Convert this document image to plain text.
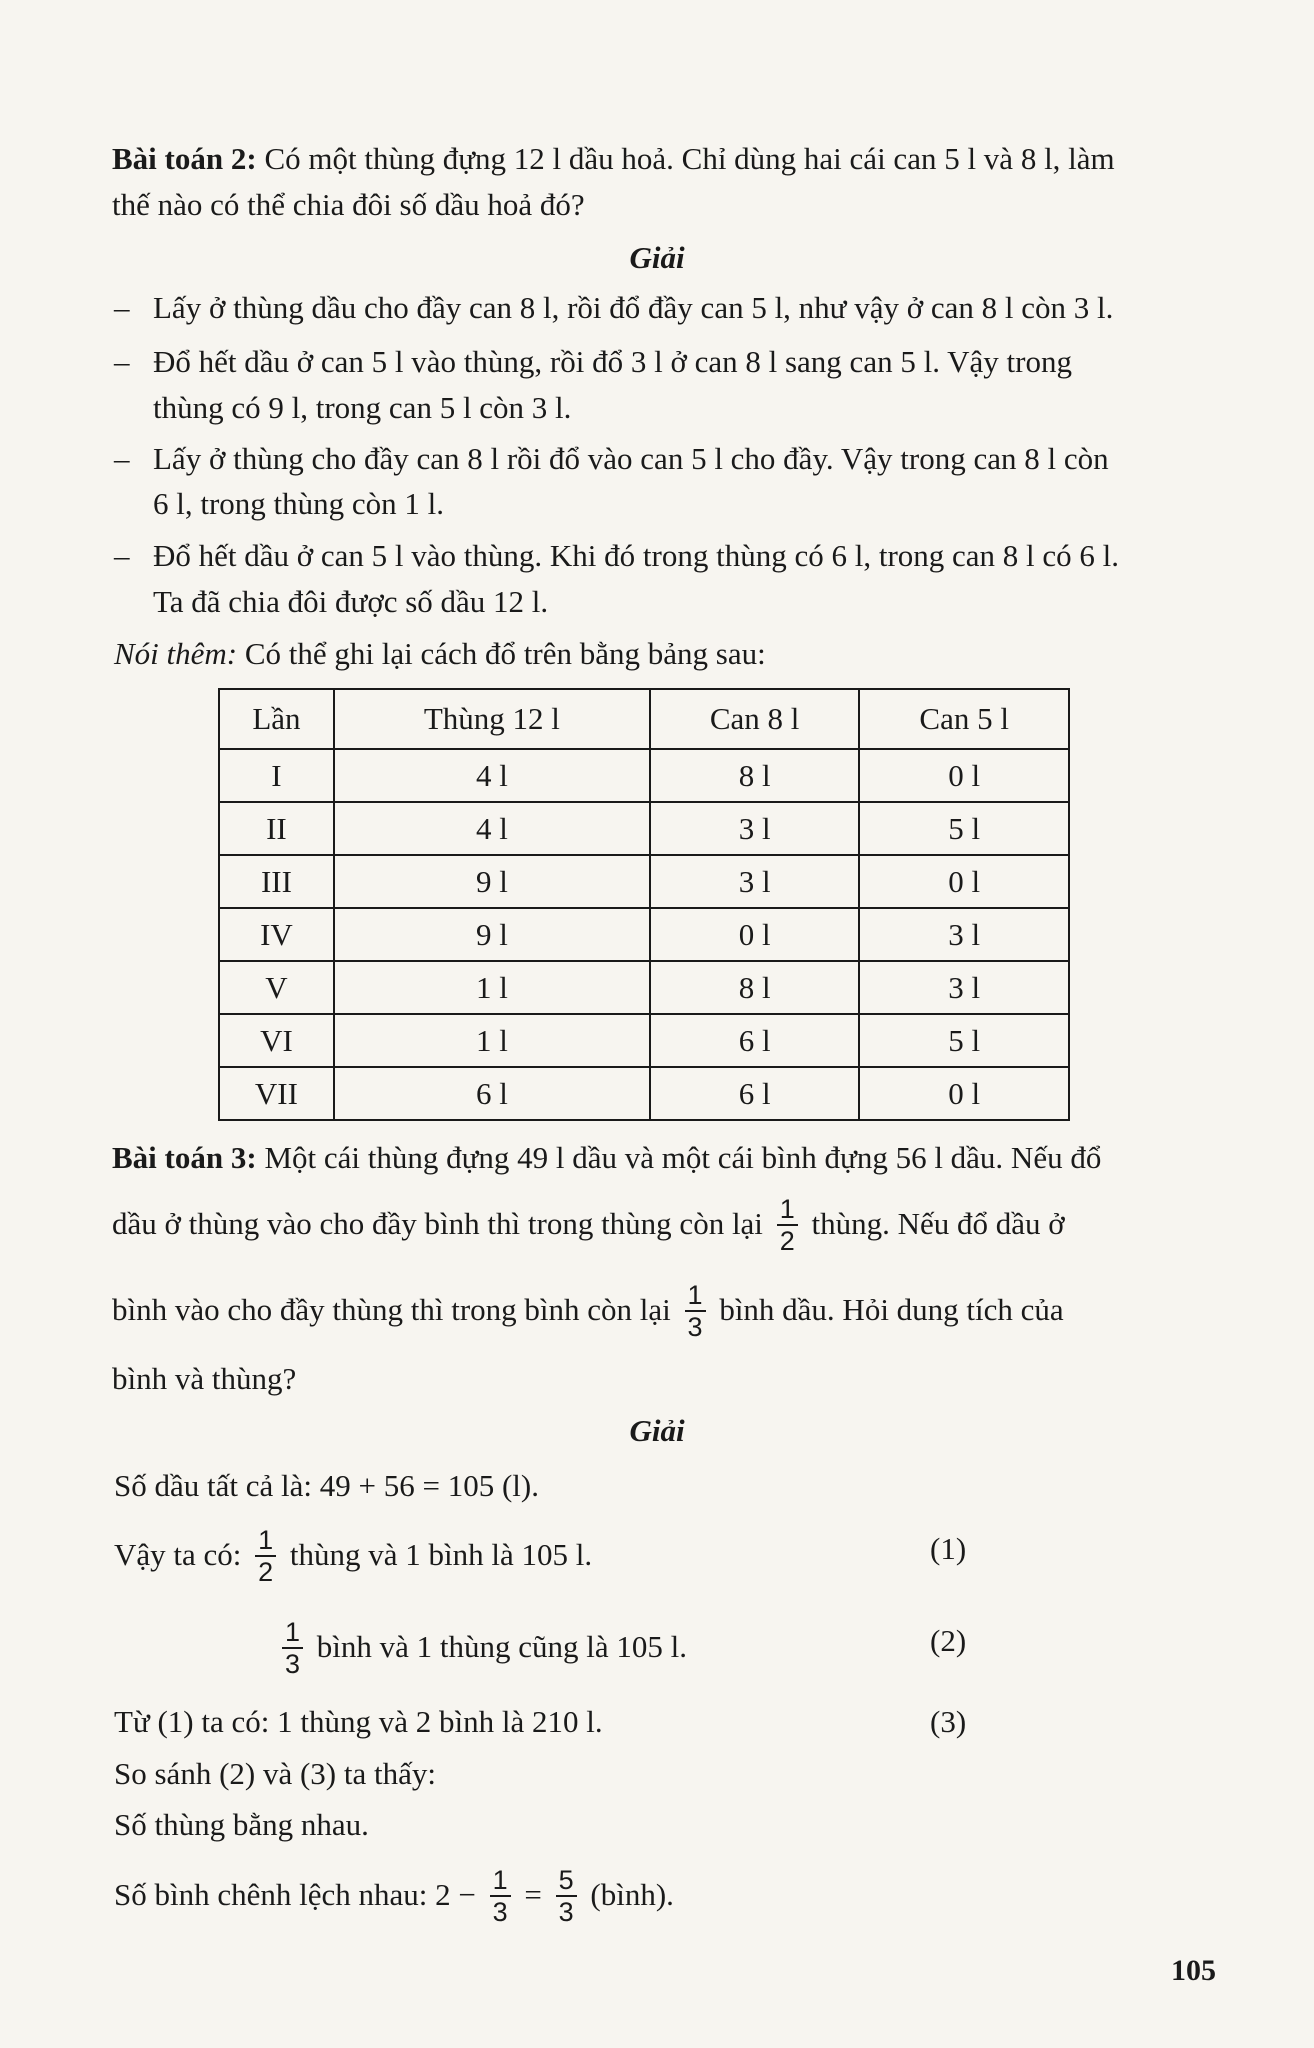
Bài toán 2: Có một thùng đựng 12 l dầu hoả. Chỉ dùng hai cái can 5 l và 8 l, làm
thế nào có thể chia đôi số dầu hoả đó?
Giải
– Lấy ở thùng dầu cho đầy can 8 l, rồi đổ đầy can 5 l, như vậy ở can 8 l còn 3 l.
– Đổ hết dầu ở can 5 l vào thùng, rồi đổ 3 l ở can 8 l sang can 5 l. Vậy trong
thùng có 9 l, trong can 5 l còn 3 l.
– Lấy ở thùng cho đầy can 8 l rồi đổ vào can 5 l cho đầy. Vậy trong can 8 l còn
6 l, trong thùng còn 1 l.
– Đổ hết dầu ở can 5 l vào thùng. Khi đó trong thùng có 6 l, trong can 8 l có 6 l.
Ta đã chia đôi được số dầu 12 l.
Nói thêm: Có thể ghi lại cách đổ trên bằng bảng sau:
Lần	Thùng 12 l	Can 8 l	Can 5 l
I	4 l	8 l	0 l
II	4 l	3 l	5 l
III	9 l	3 l	0 l
IV	9 l	0 l	3 l
V	1 l	8 l	3 l
VI	1 l	6 l	5 l
VII	6 l	6 l	0 l
Bài toán 3: Một cái thùng đựng 49 l dầu và một cái bình đựng 56 l dầu. Nếu đổ
dầu ở thùng vào cho đầy bình thì trong thùng còn lại $\frac{1}{2}$ thùng. Nếu đổ dầu ở
bình vào cho đầy thùng thì trong bình còn lại $\frac{1}{3}$ bình dầu. Hỏi dung tích của
bình và thùng?
Giải
Số dầu tất cả là: 49 + 56 = 105 (l).
Vậy ta có: $\frac{1}{2}$ thùng và 1 bình là 105 l.	(1)
$\frac{1}{3}$ bình và 1 thùng cũng là 105 l.	(2)
Từ (1) ta có: 1 thùng và 2 bình là 210 l.	(3)
So sánh (2) và (3) ta thấy:
Số thùng bằng nhau.
Số bình chênh lệch nhau: $2 - \frac{1}{3} = \frac{5}{3}$ (bình).
105
